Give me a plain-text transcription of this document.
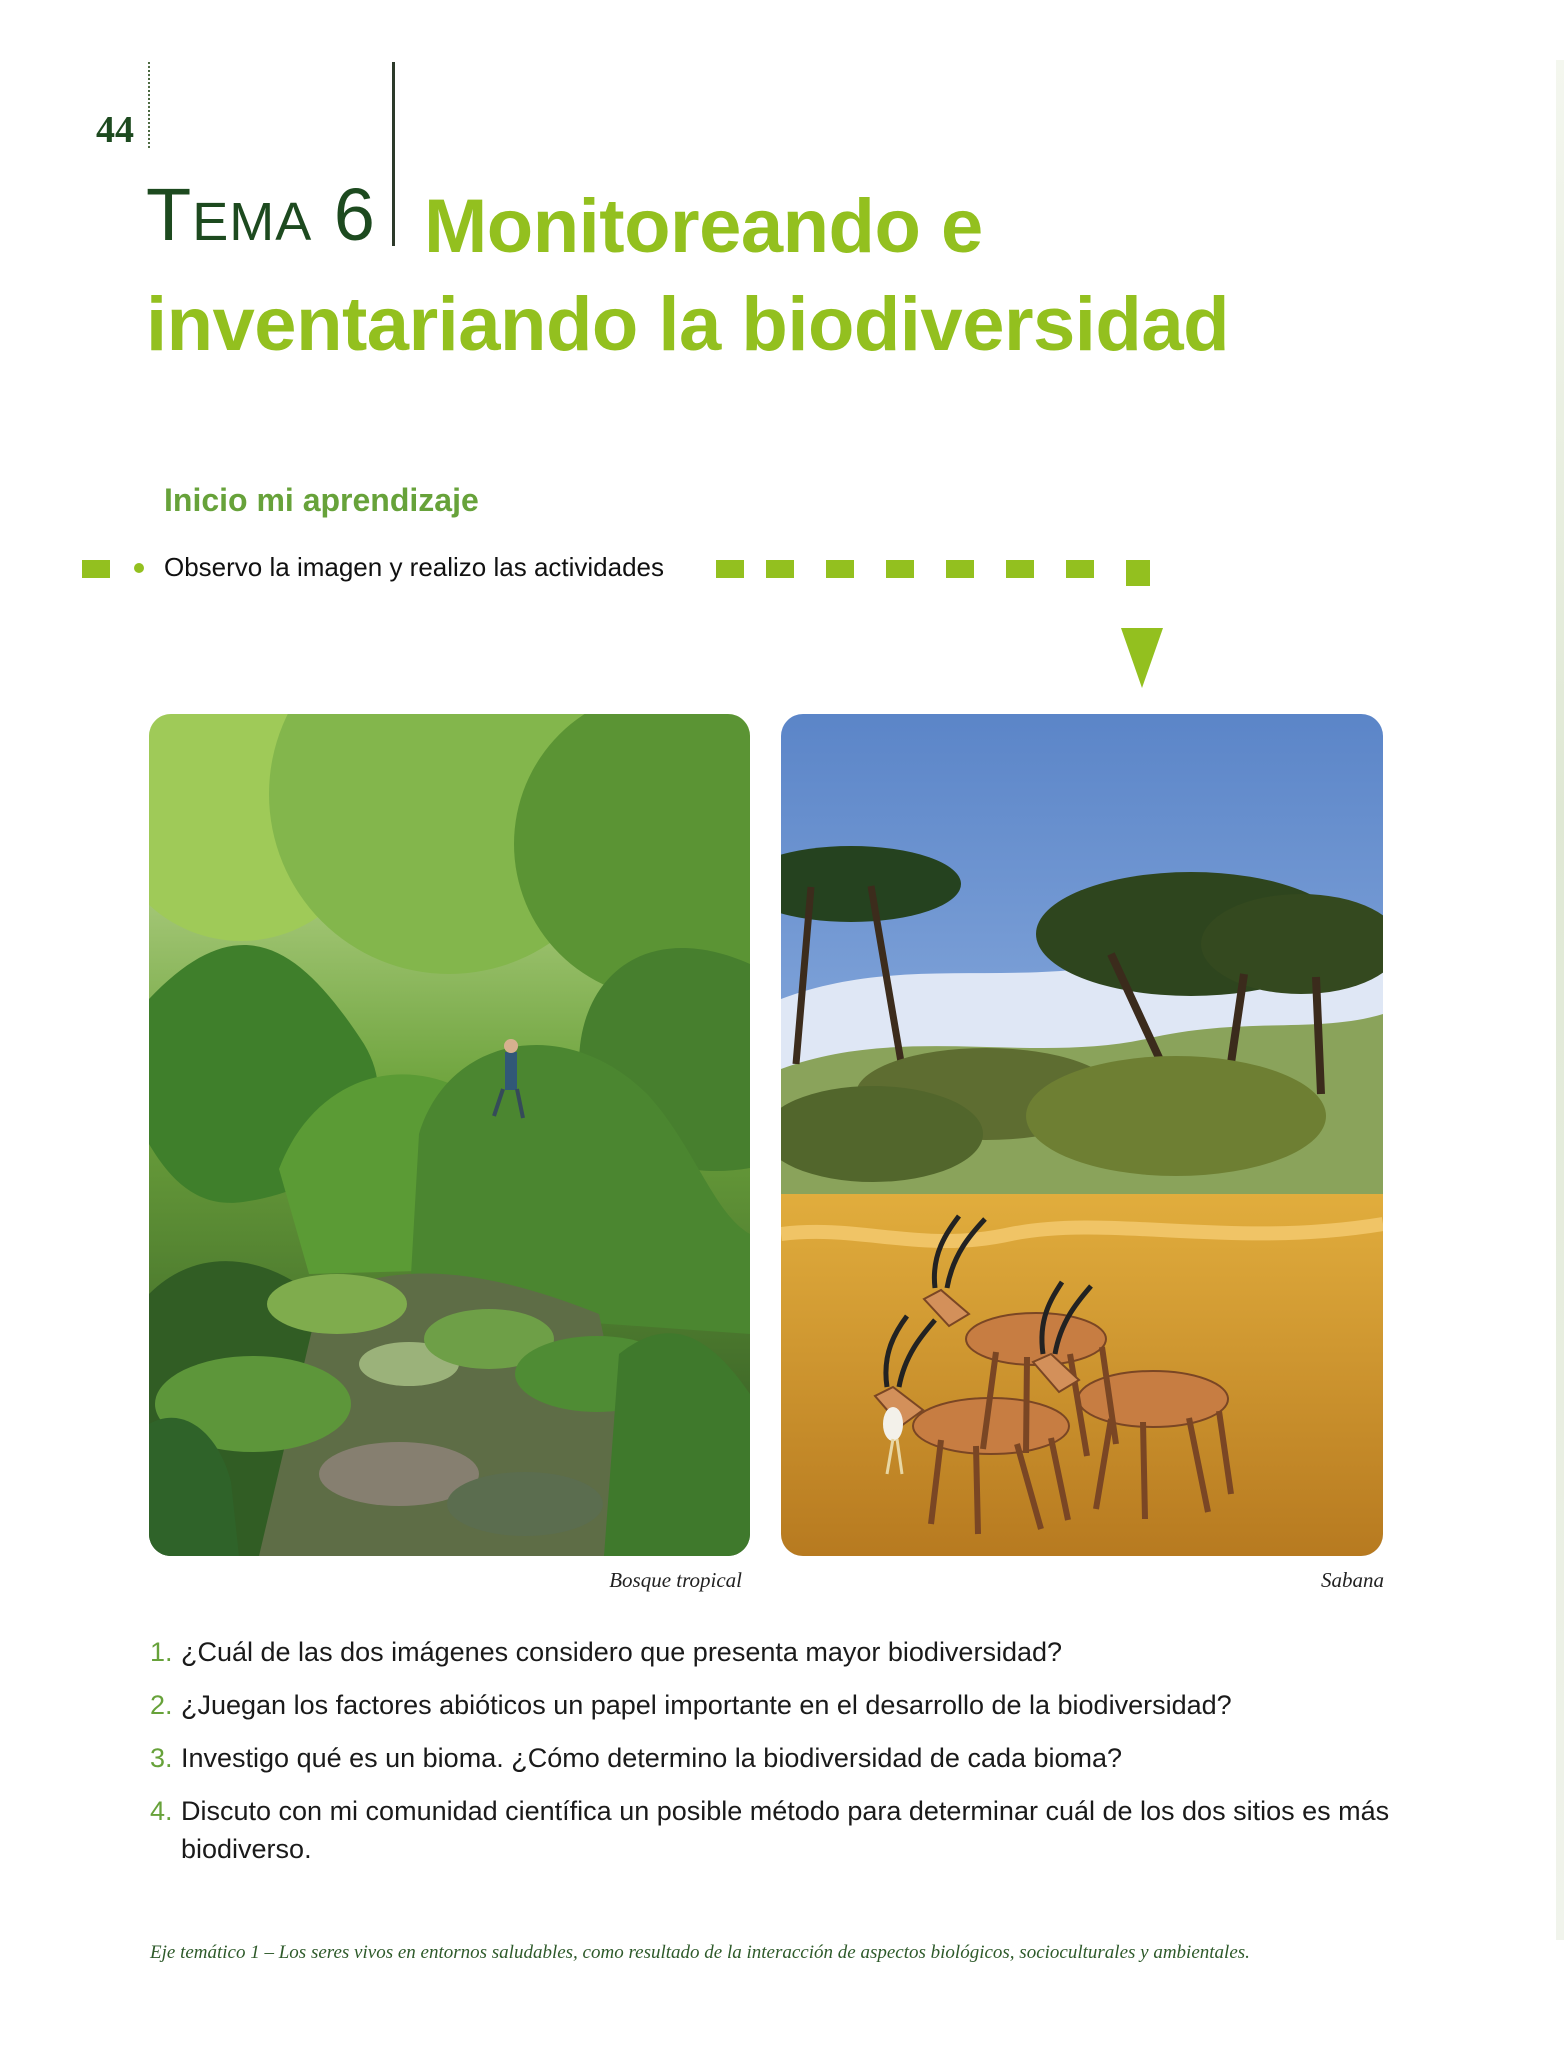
44
TEMA 6 Monitoreando e inventariando la biodiversidad
Inicio mi aprendizaje
Observo la imagen y realizo las actividades
Bosque tropical	Sabana
1. ¿Cuál de las dos imágenes considero que presenta mayor biodiversidad?
2. ¿Juegan los factores abióticos un papel importante en el desarrollo de la biodiversidad?
3. Investigo qué es un bioma. ¿Cómo determino la biodiversidad de cada bioma?
4. Discuto con mi comunidad científica un posible método para determinar cuál de los dos sitios es más biodiverso.
Eje temático 1 – Los seres vivos en entornos saludables, como resultado de la interacción de aspectos biológicos, socioculturales y ambientales.
